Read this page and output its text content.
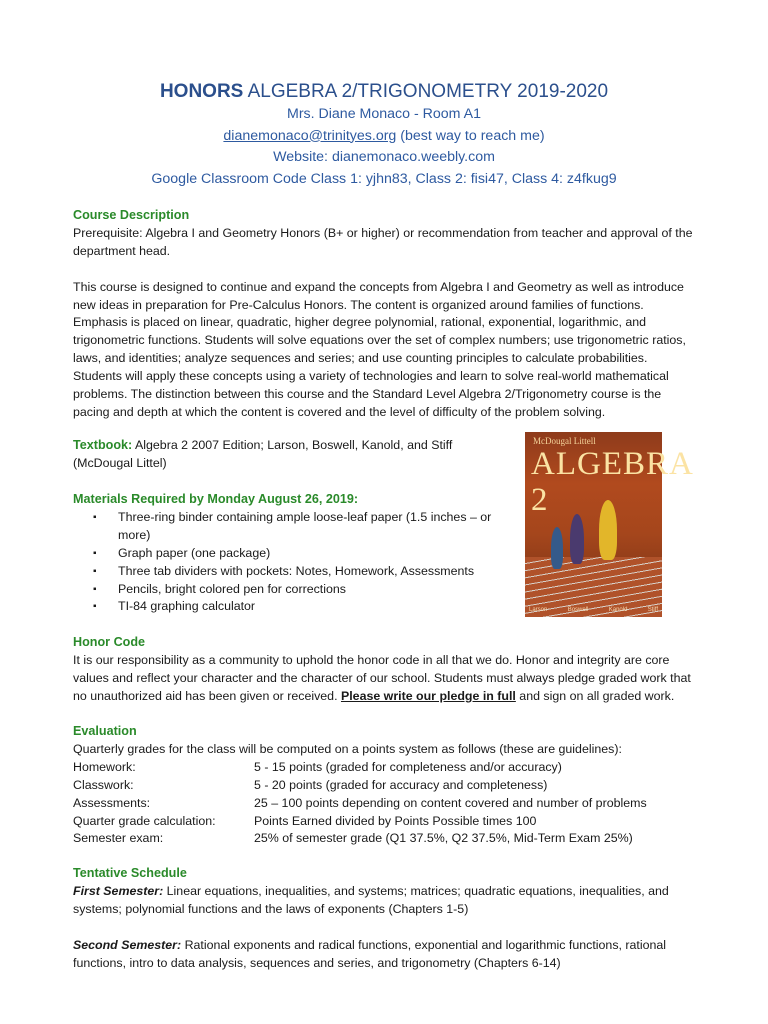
HONORS ALGEBRA 2/TRIGONOMETRY 2019-2020
Mrs. Diane Monaco - Room A1
dianemonaco@trinityes.org (best way to reach me)
Website: dianemonaco.weebly.com
Google Classroom Code Class 1: yjhn83, Class 2: fisi47, Class 4: z4fkug9
Course Description

Prerequisite: Algebra I and Geometry Honors (B+ or higher) or recommendation from teacher and approval of the department head.

This course is designed to continue and expand the concepts from Algebra I and Geometry as well as introduce new ideas in preparation for Pre-Calculus Honors. The content is organized around families of functions. Emphasis is placed on linear, quadratic, higher degree polynomial, rational, exponential, logarithmic, and trigonometric functions. Students will solve equations over the set of complex numbers; use trigonometric ratios, laws, and identities; analyze sequences and series; and use counting principles to calculate probabilities. Students will apply these concepts using a variety of technologies and learn to solve real-world mathematical problems. The distinction between this course and the Standard Level Algebra 2/Trigonometry course is the pacing and depth at which the content is covered and the level of difficulty of the problem solving.

Textbook: Algebra 2 2007 Edition; Larson, Boswell, Kanold, and Stiff

(McDougal Littel)

McDougal Littell
ALGEBRA 2
Larson	Boswell	Kanold	Stiff
Materials Required by Monday August 26, 2019:
▪ Three-ring binder containing ample loose-leaf paper (1.5 inches – or more)
▪ Graph paper (one package)
▪ Three tab dividers with pockets: Notes, Homework, Assessments
▪ Pencils, bright colored pen for corrections
▪ TI-84 graphing calculator
Honor Code

It is our responsibility as a community to uphold the honor code in all that we do. Honor and integrity are core values and reflect your character and the character of our school. Students must always pledge graded work that no unauthorized aid has been given or received. Please write our pledge in full and sign on all graded work.

Evaluation

Quarterly grades for the class will be computed on a points system as follows (these are guidelines):

Homework:	5 - 15 points (graded for completeness and/or accuracy)
Classwork:	5 - 20 points (graded for accuracy and completeness)
Assessments:	25 – 100 points depending on content covered and number of problems
Quarter grade calculation:	Points Earned divided by Points Possible times 100
Semester exam:	25% of semester grade (Q1 37.5%, Q2 37.5%, Mid-Term Exam 25%)
Tentative Schedule

First Semester: Linear equations, inequalities, and systems; matrices; quadratic equations, inequalities, and systems; polynomial functions and the laws of exponents (Chapters 1-5)

Second Semester: Rational exponents and radical functions, exponential and logarithmic functions, rational functions, intro to data analysis, sequences and series, and trigonometry (Chapters 6-14)
